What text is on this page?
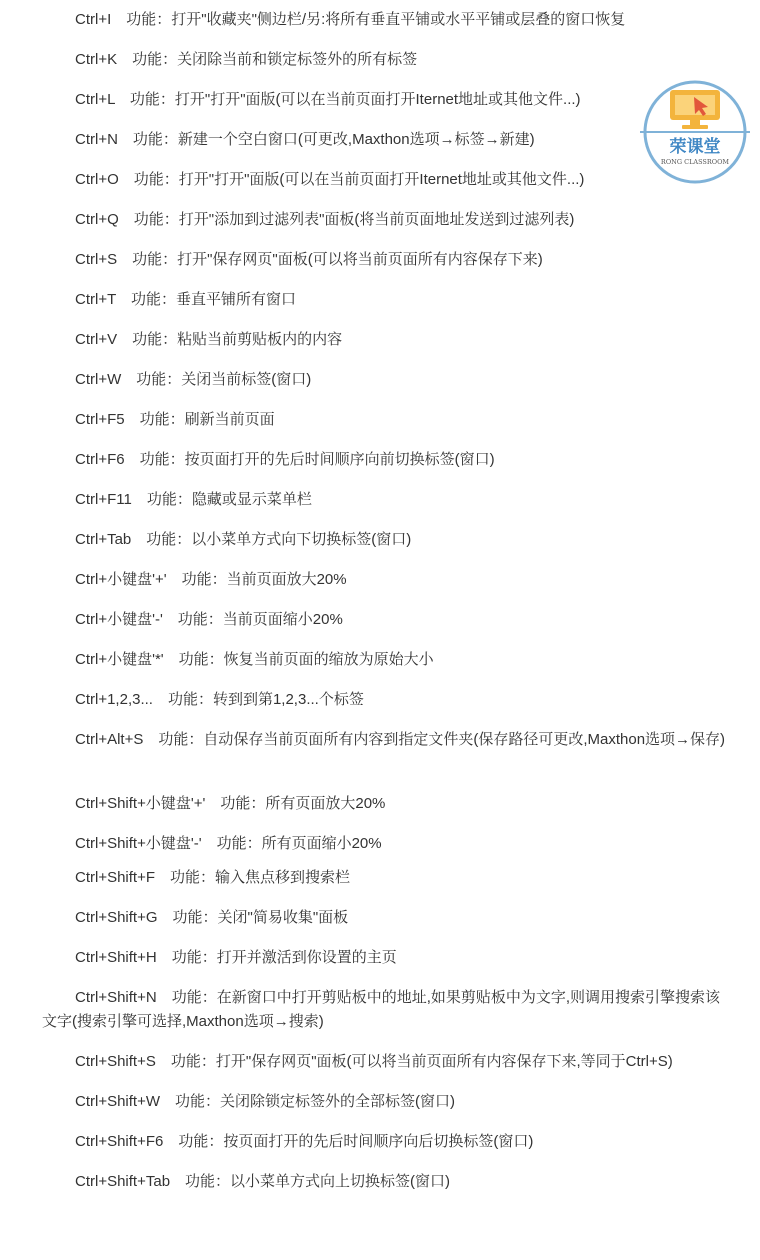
Ctrl+I　功能：打开"收藏夹"侧边栏/另:将所有垂直平铺或水平平铺或层叠的窗口恢复
Ctrl+K　功能：关闭除当前和锁定标签外的所有标签
Ctrl+L　功能：打开"打开"面版(可以在当前页面打开Iternet地址或其他文件...)
Ctrl+N　功能：新建一个空白窗口(可更改,Maxthon选项→标签→新建)
Ctrl+O　功能：打开"打开"面版(可以在当前页面打开Iternet地址或其他文件...)
Ctrl+Q　功能：打开"添加到过滤列表"面板(将当前页面地址发送到过滤列表)
Ctrl+S　功能：打开"保存网页"面板(可以将当前页面所有内容保存下来)
Ctrl+T　功能：垂直平铺所有窗口
Ctrl+V　功能：粘贴当前剪贴板内的内容
Ctrl+W　功能：关闭当前标签(窗口)
Ctrl+F5　功能：刷新当前页面
Ctrl+F6　功能：按页面打开的先后时间顺序向前切换标签(窗口)
Ctrl+F11　功能：隐藏或显示菜单栏
Ctrl+Tab　功能：以小菜单方式向下切换标签(窗口)
Ctrl+小键盘'+'　功能：当前页面放大20%
Ctrl+小键盘'-'　功能：当前页面缩小20%
Ctrl+小键盘'*'　功能：恢复当前页面的缩放为原始大小
Ctrl+1,2,3...　功能：转到到第1,2,3...个标签
Ctrl+Alt+S　功能：自动保存当前页面所有内容到指定文件夹(保存路径可更改,Maxthon选项→保存)
Ctrl+Shift+小键盘'+'　功能：所有页面放大20%
Ctrl+Shift+小键盘'-'　功能：所有页面缩小20%
Ctrl+Shift+F　功能：输入焦点移到搜索栏
Ctrl+Shift+G　功能：关闭"简易收集"面板
Ctrl+Shift+H　功能：打开并激活到你设置的主页
Ctrl+Shift+N　功能：在新窗口中打开剪贴板中的地址,如果剪贴板中为文字,则调用搜索引擎搜索该文字(搜索引擎可选择,Maxthon选项→搜索)
Ctrl+Shift+S　功能：打开"保存网页"面板(可以将当前页面所有内容保存下来,等同于Ctrl+S)
Ctrl+Shift+W　功能：关闭除锁定标签外的全部标签(窗口)
Ctrl+Shift+F6　功能：按页面打开的先后时间顺序向后切换标签(窗口)
Ctrl+Shift+Tab　功能：以小菜单方式向上切换标签(窗口)
荣课堂
RONG CLASSROOM
